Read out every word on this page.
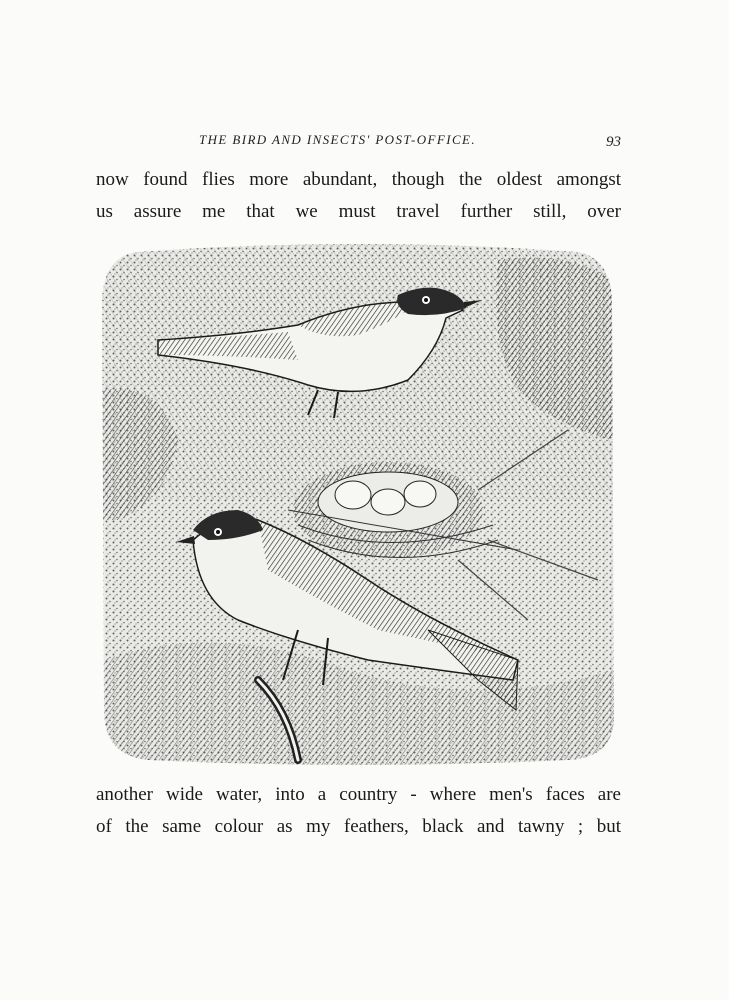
THE BIRD AND INSECTS' POST-OFFICE.	93
now found flies more abundant, though the oldest amongst
us assure me that we must travel further still, over
another wide water, into a country - where men's faces are
of the same colour as my feathers, black and tawny ; but
